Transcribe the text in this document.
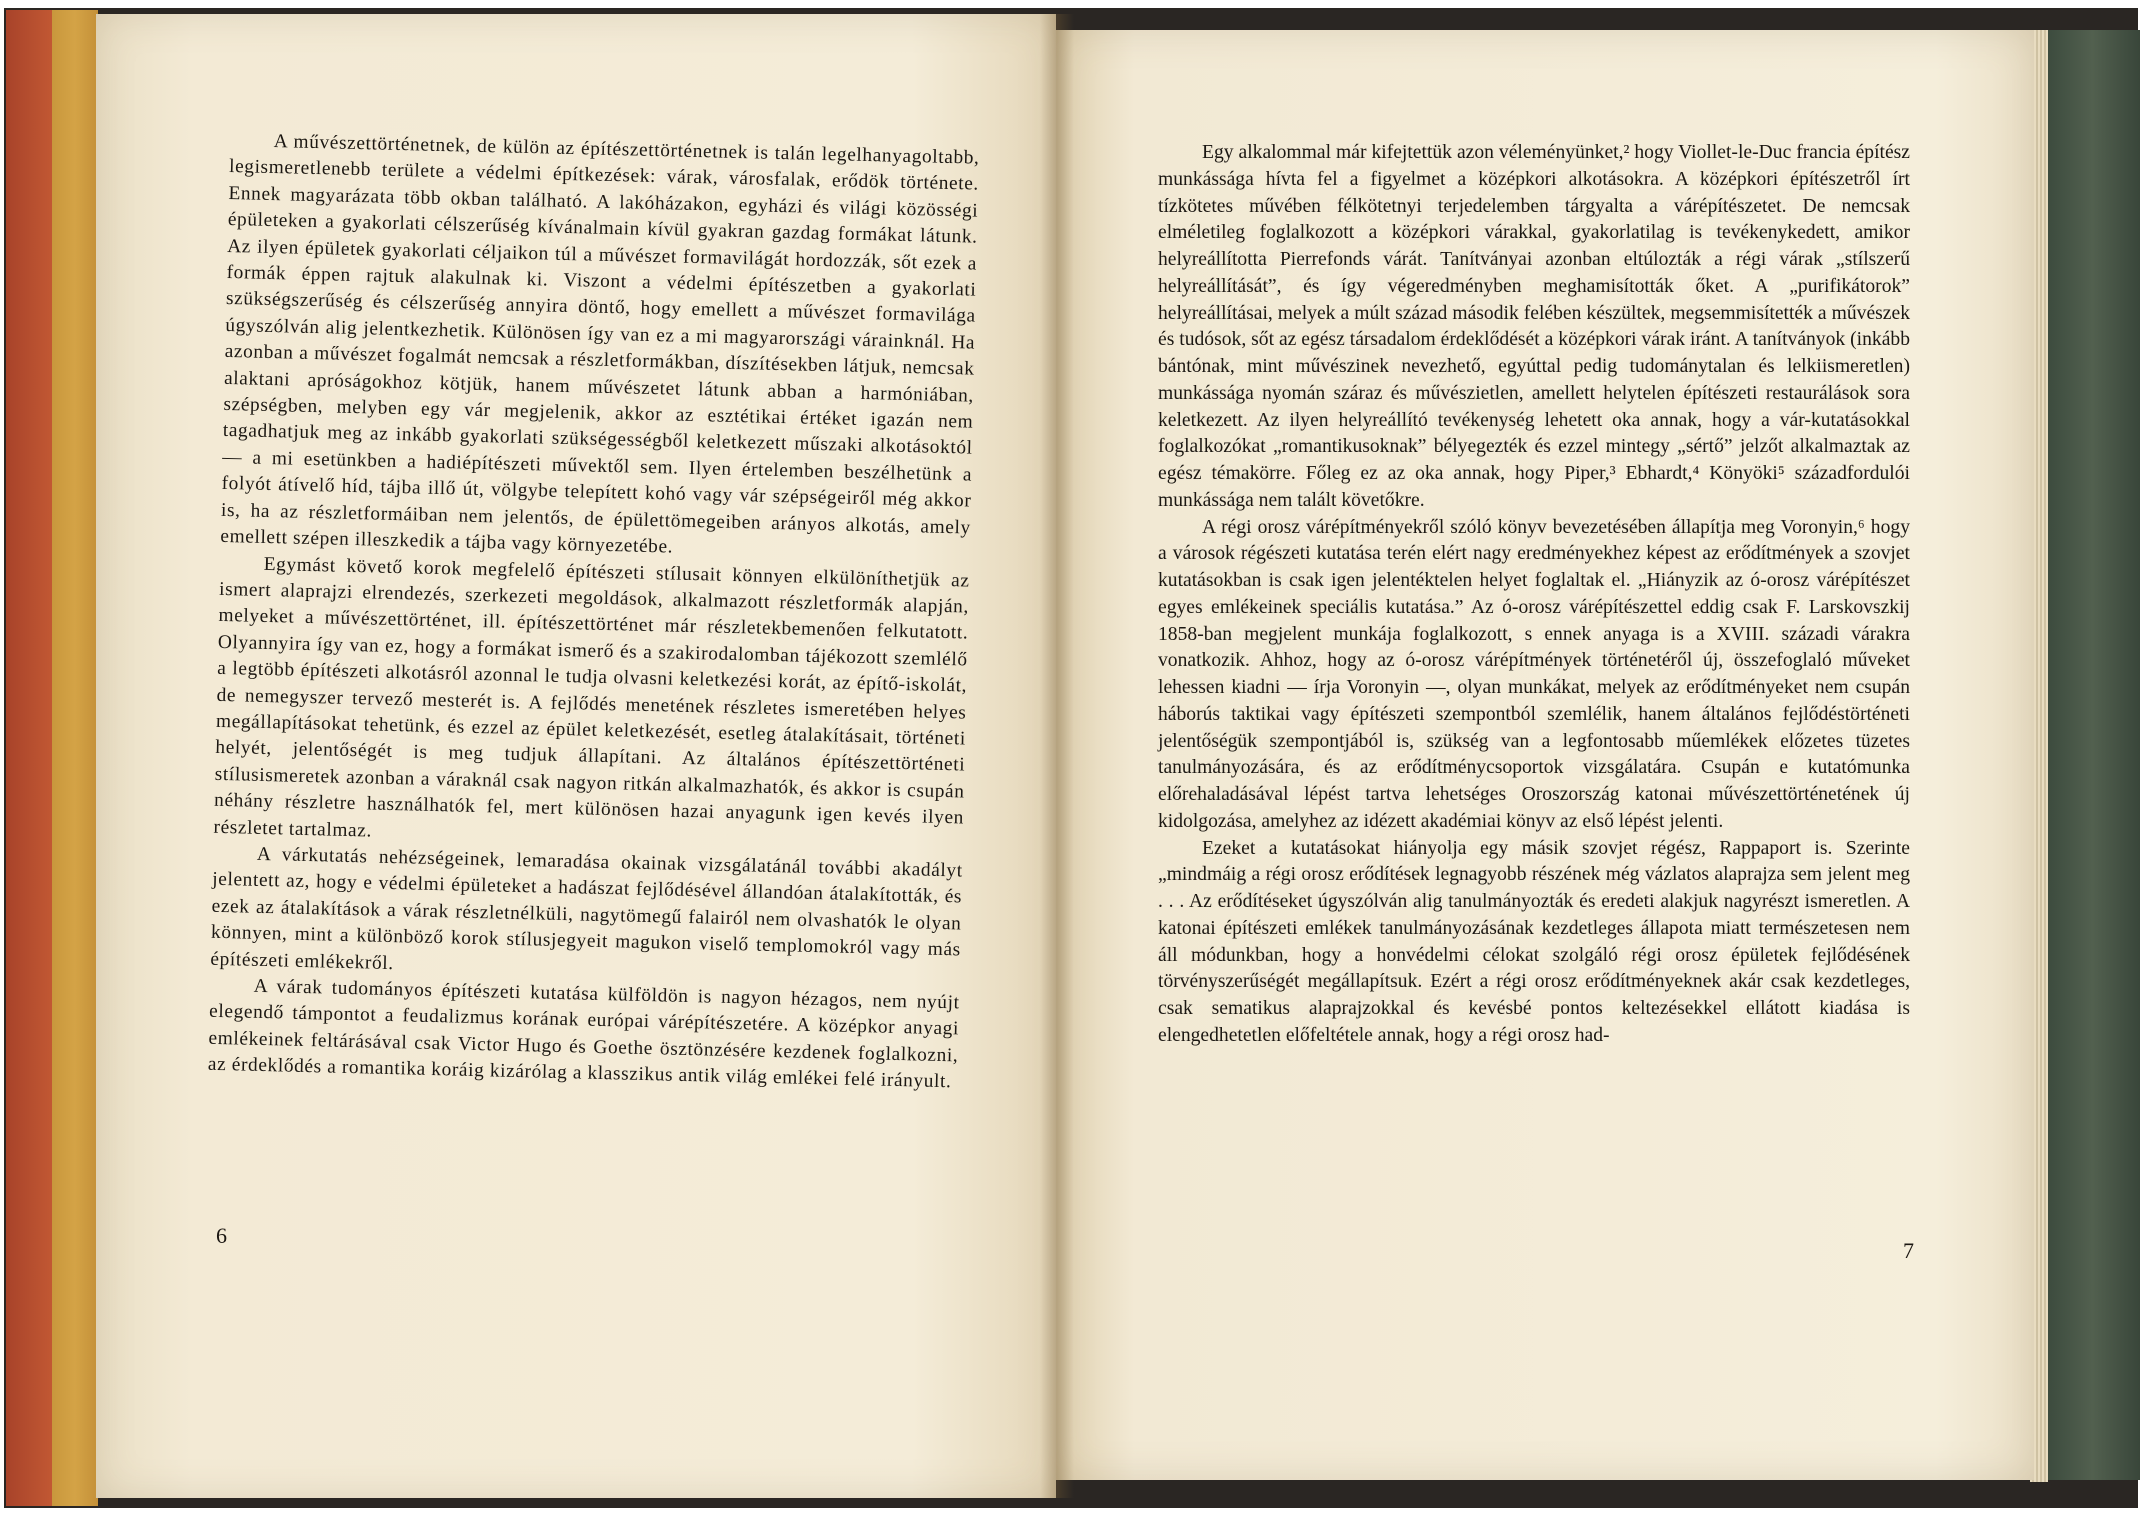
A művészettörténetnek, de külön az építészettörténetnek is talán legelhanyagoltabb, legismeretlenebb területe a védelmi építkezések: várak, városfalak, erődök története. Ennek magyarázata több okban található. A lakóházakon, egyházi és világi közösségi épületeken a gyakorlati célszerűség kívánalmain kívül gyakran gazdag formákat látunk. Az ilyen épületek gyakorlati céljaikon túl a művészet formavilágát hordozzák, sőt ezek a formák éppen rajtuk alakulnak ki. Viszont a védelmi építészetben a gyakorlati szükségszerűség és célszerűség annyira döntő, hogy emellett a művészet formavilága úgyszólván alig jelentkezhetik. Különösen így van ez a mi magyarországi várainknál. Ha azonban a művészet fogalmát nemcsak a részletformákban, díszítésekben látjuk, nemcsak alaktani apróságokhoz kötjük, hanem művészetet látunk abban a harmóniában, szépségben, melyben egy vár megjelenik, akkor az esztétikai értéket igazán nem tagadhatjuk meg az inkább gyakorlati szükségességből keletkezett műszaki alkotásoktól — a mi esetünkben a hadiépítészeti művektől sem. Ilyen értelemben beszélhetünk a folyót átívelő híd, tájba illő út, völgybe telepített kohó vagy vár szépségeiről még akkor is, ha az részletformáiban nem jelentős, de épülettömegeiben arányos alkotás, amely emellett szépen illeszkedik a tájba vagy környezetébe.

Egymást követő korok megfelelő építészeti stílusait könnyen elkülöníthetjük az ismert alaprajzi elrendezés, szerkezeti megoldások, alkalmazott részletformák alapján, melyeket a művészettörténet, ill. építészettörténet már részletekbemenően felkutatott. Olyannyira így van ez, hogy a formákat ismerő és a szakirodalomban tájékozott szemlélő a legtöbb építészeti alkotásról azonnal le tudja olvasni keletkezési korát, az építő-iskolát, de nemegyszer tervező mesterét is. A fejlődés menetének részletes ismeretében helyes megállapításokat tehetünk, és ezzel az épület keletkezését, esetleg átalakításait, történeti helyét, jelentőségét is meg tudjuk állapítani. Az általános építészettörténeti stílusismeretek azonban a váraknál csak nagyon ritkán alkalmazhatók, és akkor is csupán néhány részletre használhatók fel, mert különösen hazai anyagunk igen kevés ilyen részletet tartalmaz.

A várkutatás nehézségeinek, lemaradása okainak vizsgálatánál további akadályt jelentett az, hogy e védelmi épületeket a hadászat fejlődésével állandóan átalakították, és ezek az átalakítások a várak részletnélküli, nagytömegű falairól nem olvashatók le olyan könnyen, mint a különböző korok stílusjegyeit magukon viselő templomokról vagy más építészeti emlékekről.

A várak tudományos építészeti kutatása külföldön is nagyon hézagos, nem nyújt elegendő támpontot a feudalizmus korának európai várépítészetére. A középkor anyagi emlékeinek feltárásával csak Victor Hugo és Goethe ösztönzésére kezdenek foglalkozni, az érdeklődés a romantika koráig kizárólag a klasszikus antik világ emlékei felé irányult.

6

Egy alkalommal már kifejtettük azon véleményünket,² hogy Viollet-le-Duc francia építész munkássága hívta fel a figyelmet a középkori alkotásokra. A középkori építészetről írt tízkötetes művében félkötetnyi terjedelemben tárgyalta a várépítészetet. De nemcsak elméletileg foglalkozott a középkori várakkal, gyakorlatilag is tevékenykedett, amikor helyreállította Pierrefonds várát. Tanítványai azonban eltúlozták a régi várak „stílszerű helyreállítását”, és így végeredményben meghamisították őket. A „purifikátorok” helyreállításai, melyek a múlt század második felében készültek, megsemmisítették a művészek és tudósok, sőt az egész társadalom érdeklődését a középkori várak iránt. A tanítványok (inkább bántónak, mint művészinek nevezhető, egyúttal pedig tudománytalan és lelkiismeretlen) munkássága nyomán száraz és művészietlen, amellett helytelen építészeti restaurálások sora keletkezett. Az ilyen helyreállító tevékenység lehetett oka annak, hogy a vár-kutatásokkal foglalkozókat „romantikusoknak” bélyegezték és ezzel mintegy „sértő” jelzőt alkalmaztak az egész témakörre. Főleg ez az oka annak, hogy Piper,³ Ebhardt,⁴ Könyöki⁵ századfordulói munkássága nem talált követőkre.

A régi orosz várépítményekről szóló könyv bevezetésében állapítja meg Voronyin,⁶ hogy a városok régészeti kutatása terén elért nagy eredményekhez képest az erődítmények a szovjet kutatásokban is csak igen jelentéktelen helyet foglaltak el. „Hiányzik az ó-orosz várépítészet egyes emlékeinek speciális kutatása.” Az ó-orosz várépítészettel eddig csak F. Larskovszkij 1858-ban megjelent munkája foglalkozott, s ennek anyaga is a XVIII. századi várakra vonatkozik. Ahhoz, hogy az ó-orosz várépítmények történetéről új, összefoglaló műveket lehessen kiadni — írja Voronyin —, olyan munkákat, melyek az erődítményeket nem csupán háborús taktikai vagy építészeti szempontból szemlélik, hanem általános fejlődéstörténeti jelentőségük szempontjából is, szükség van a legfontosabb műemlékek előzetes tüzetes tanulmányozására, és az erődítménycsoportok vizsgálatára. Csupán e kutatómunka előrehaladásával lépést tartva lehetséges Oroszország katonai művészettörténetének új kidolgozása, amelyhez az idézett akadémiai könyv az első lépést jelenti.

Ezeket a kutatásokat hiányolja egy másik szovjet régész, Rappaport is. Szerinte „mindmáig a régi orosz erődítések legnagyobb részének még vázlatos alaprajza sem jelent meg . . . Az erődítéseket úgyszólván alig tanulmányozták és eredeti alakjuk nagyrészt ismeretlen. A katonai építészeti emlékek tanulmányozásának kezdetleges állapota miatt természetesen nem áll módunkban, hogy a honvédelmi célokat szolgáló régi orosz épületek fejlődésének törvényszerűségét megállapítsuk. Ezért a régi orosz erődítményeknek akár csak kezdetleges, csak sematikus alaprajzokkal és kevésbé pontos keltezésekkel ellátott kiadása is elengedhetetlen előfeltétele annak, hogy a régi orosz had-

7
